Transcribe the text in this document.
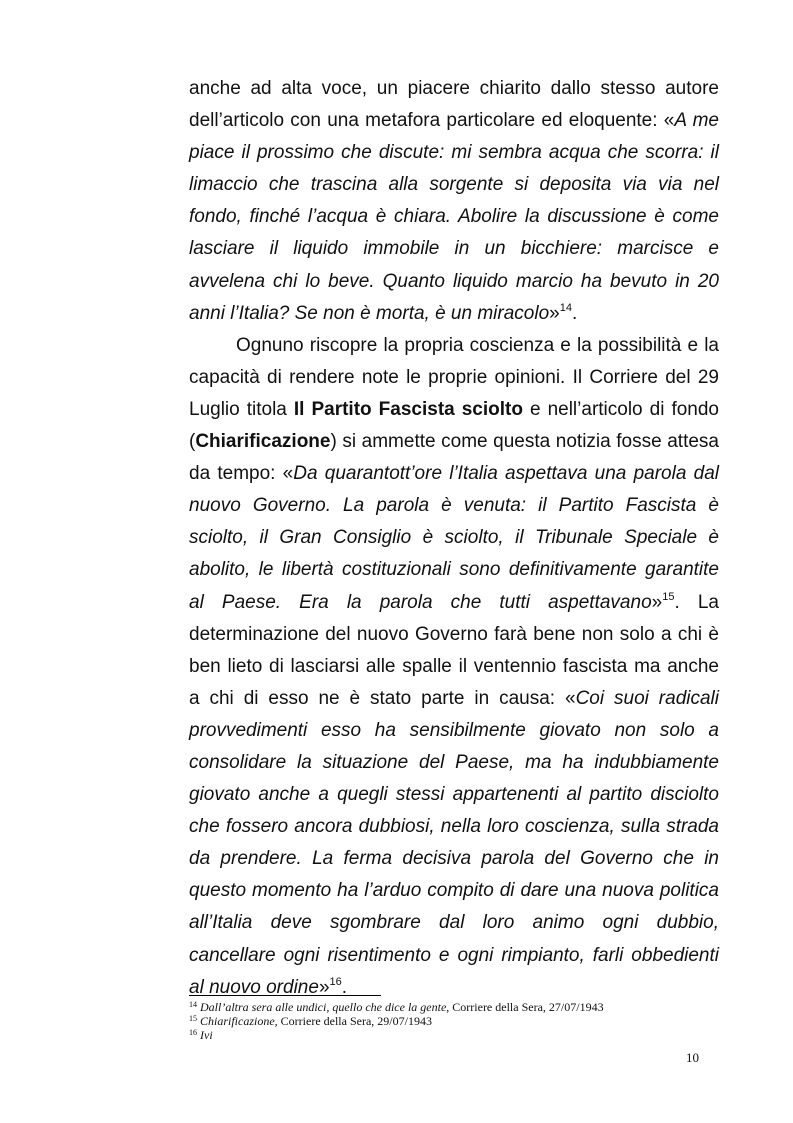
anche ad alta voce, un piacere chiarito dallo stesso autore dell’articolo con una metafora particolare ed eloquente: «A me piace il prossimo che discute: mi sembra acqua che scorra: il limaccio che trascina alla sorgente si deposita via via nel fondo, finché l’acqua è chiara. Abolire la discussione è come lasciare il liquido immobile in un bicchiere: marcisce e avvelena chi lo beve. Quanto liquido marcio ha bevuto in 20 anni l’Italia? Se non è morta, è un miracolo»$^{14}$.

Ognuno riscopre la propria coscienza e la possibilità e la capacità di rendere note le proprie opinioni. Il Corriere del 29 Luglio titola Il Partito Fascista sciolto e nell’articolo di fondo (Chiarificazione) si ammette come questa notizia fosse attesa da tempo: «Da quarantott’ore l’Italia aspettava una parola dal nuovo Governo. La parola è venuta: il Partito Fascista è sciolto, il Gran Consiglio è sciolto, il Tribunale Speciale è abolito, le libertà costituzionali sono definitivamente garantite al Paese. Era la parola che tutti aspettavano»$^{15}$. La determinazione del nuovo Governo farà bene non solo a chi è ben lieto di lasciarsi alle spalle il ventennio fascista ma anche a chi di esso ne è stato parte in causa: «Coi suoi radicali provvedimenti esso ha sensibilmente giovato non solo a consolidare la situazione del Paese, ma ha indubbiamente giovato anche a quegli stessi appartenenti al partito disciolto che fossero ancora dubbiosi, nella loro coscienza, sulla strada da prendere. La ferma decisiva parola del Governo che in questo momento ha l’arduo compito di dare una nuova politica all’Italia deve sgombrare dal loro animo ogni dubbio, cancellare ogni risentimento e ogni rimpianto, farli obbedienti al nuovo ordine»$^{16}$.

$^{14}$ Dall’altra sera alle undici, quello che dice la gente, Corriere della Sera, 27/07/1943
$^{15}$ Chiarificazione, Corriere della Sera, 29/07/1943
$^{16}$ Ivi
10
